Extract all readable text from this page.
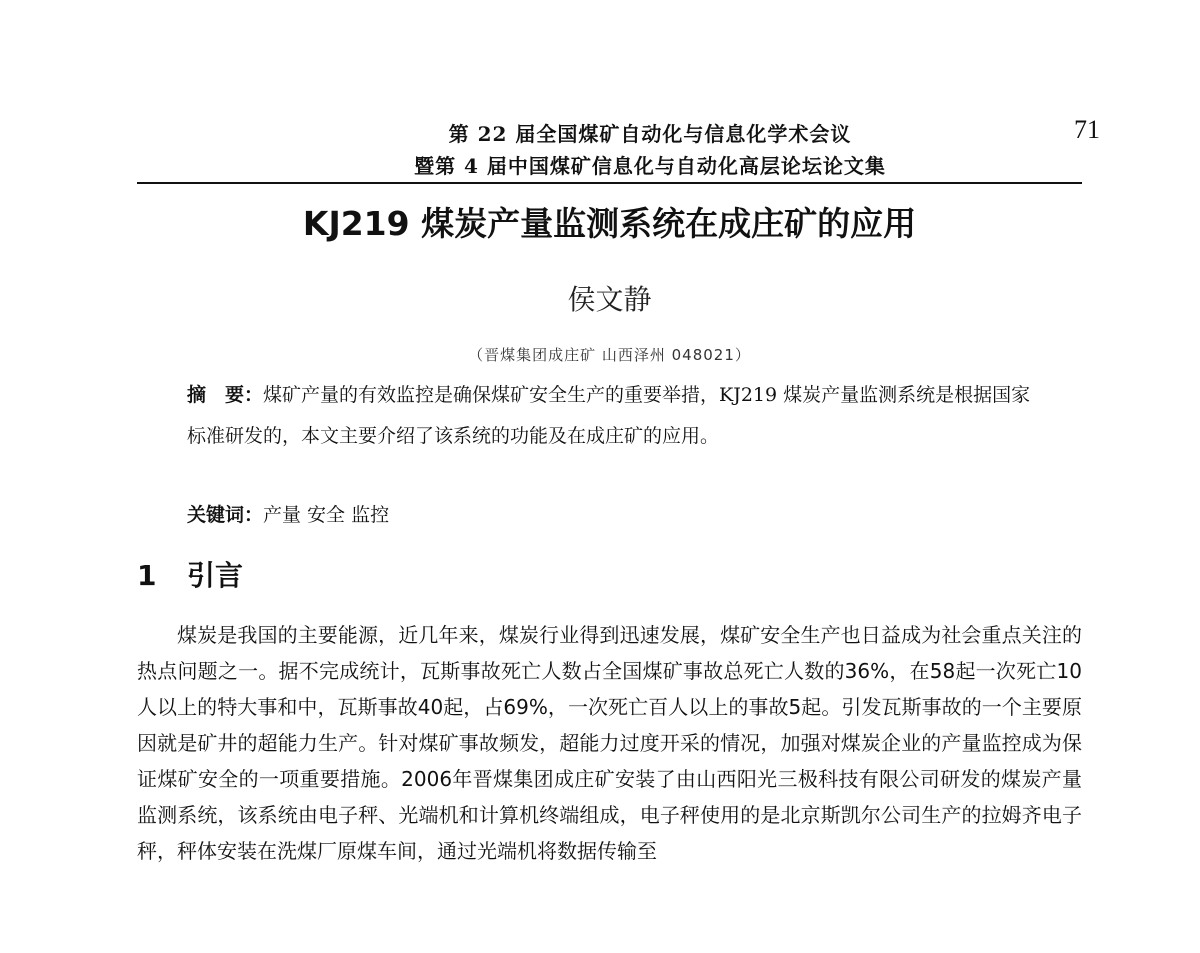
第 22 届全国煤矿自动化与信息化学术会议
暨第 4 届中国煤矿信息化与自动化高层论坛论文集
71
KJ219 煤炭产量监测系统在成庄矿的应用
侯文静
（晋煤集团成庄矿 山西泽州 048021）
摘　要：煤矿产量的有效监控是确保煤矿安全生产的重要举措，KJ219 煤炭产量监测系统是根据国家标准研发的，本文主要介绍了该系统的功能及在成庄矿的应用。
关键词：产量 安全 监控
1 引言
煤炭是我国的主要能源，近几年来，煤炭行业得到迅速发展，煤矿安全生产也日益成为社会重点关注的热点问题之一。据不完成统计，瓦斯事故死亡人数占全国煤矿事故总死亡人数的36%，在58起一次死亡10人以上的特大事和中，瓦斯事故40起，占69%，一次死亡百人以上的事故5起。引发瓦斯事故的一个主要原因就是矿井的超能力生产。针对煤矿事故频发，超能力过度开采的情况，加强对煤炭企业的产量监控成为保证煤矿安全的一项重要措施。2006年晋煤集团成庄矿安装了由山西阳光三极科技有限公司研发的煤炭产量监测系统，该系统由电子秤、光端机和计算机终端组成，电子秤使用的是北京斯凯尔公司生产的拉姆齐电子秤，秤体安装在洗煤厂原煤车间，通过光端机将数据传输至
